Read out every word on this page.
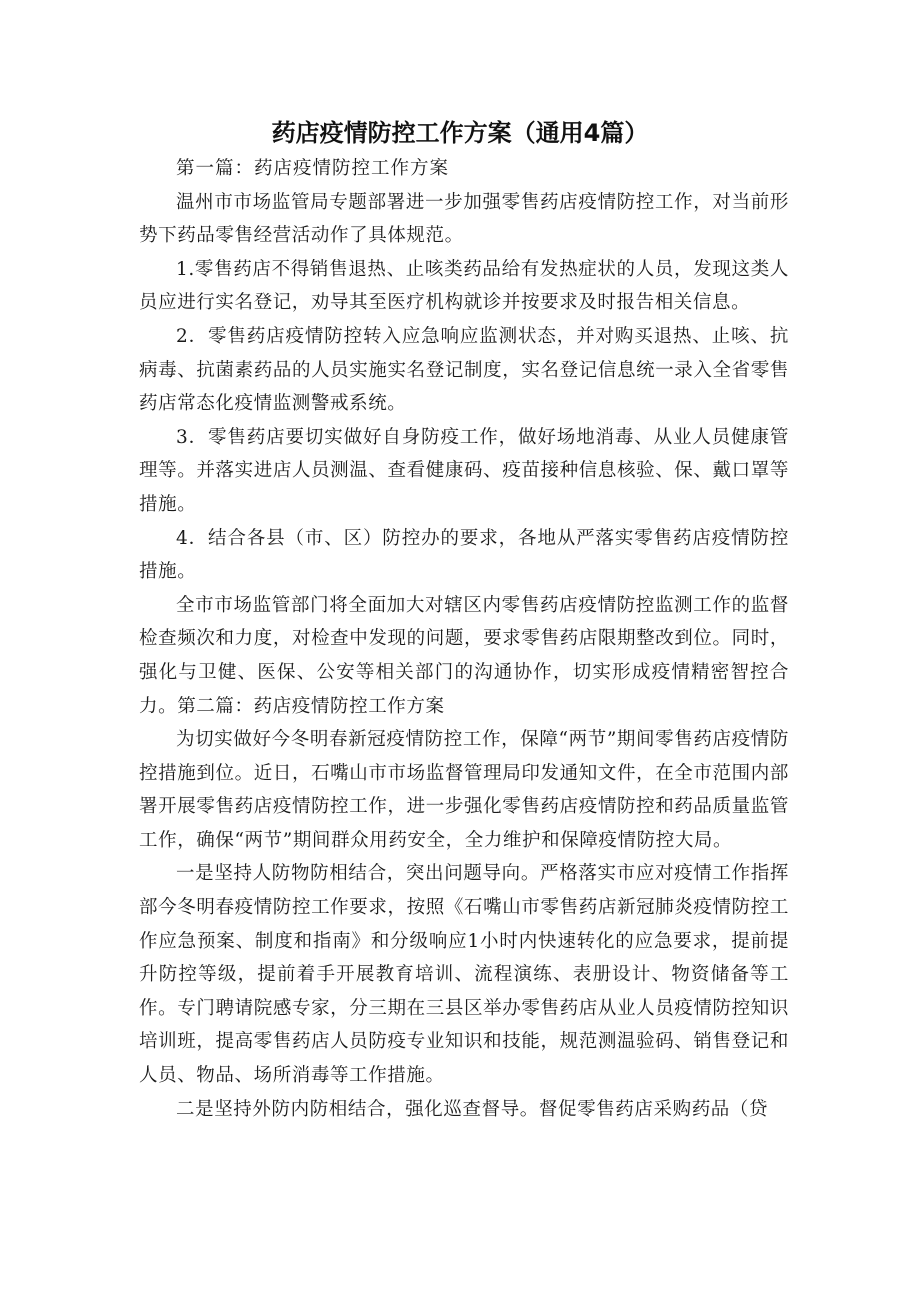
药店疫情防控工作方案（通用4篇）

第一篇：药店疫情防控工作方案

温州市市场监管局专题部署进一步加强零售药店疫情防控工作，对当前形势下药品零售经营活动作了具体规范。

1.零售药店不得销售退热、止咳类药品给有发热症状的人员，发现这类人员应进行实名登记，劝导其至医疗机构就诊并按要求及时报告相关信息。

2．零售药店疫情防控转入应急响应监测状态，并对购买退热、止咳、抗病毒、抗菌素药品的人员实施实名登记制度，实名登记信息统一录入全省零售药店常态化疫情监测警戒系统。

3．零售药店要切实做好自身防疫工作，做好场地消毒、从业人员健康管理等。并落实进店人员测温、查看健康码、疫苗接种信息核验、保、戴口罩等措施。

4．结合各县（市、区）防控办的要求，各地从严落实零售药店疫情防控措施。

全市市场监管部门将全面加大对辖区内零售药店疫情防控监测工作的监督检查频次和力度，对检查中发现的问题，要求零售药店限期整改到位。同时，强化与卫健、医保、公安等相关部门的沟通协作，切实形成疫情精密智控合力。第二篇：药店疫情防控工作方案

为切实做好今冬明春新冠疫情防控工作，保障“两节”期间零售药店疫情防控措施到位。近日，石嘴山市市场监督管理局印发通知文件，在全市范围内部署开展零售药店疫情防控工作，进一步强化零售药店疫情防控和药品质量监管工作，确保“两节”期间群众用药安全，全力维护和保障疫情防控大局。

一是坚持人防物防相结合，突出问题导向。严格落实市应对疫情工作指挥部今冬明春疫情防控工作要求，按照《石嘴山市零售药店新冠肺炎疫情防控工作应急预案、制度和指南》和分级响应1小时内快速转化的应急要求，提前提升防控等级，提前着手开展教育培训、流程演练、表册设计、物资储备等工作。专门聘请院感专家，分三期在三县区举办零售药店从业人员疫情防控知识培训班，提高零售药店人员防疫专业知识和技能，规范测温验码、销售登记和人员、物品、场所消毒等工作措施。

二是坚持外防内防相结合，强化巡查督导。督促零售药店采购药品（贷
